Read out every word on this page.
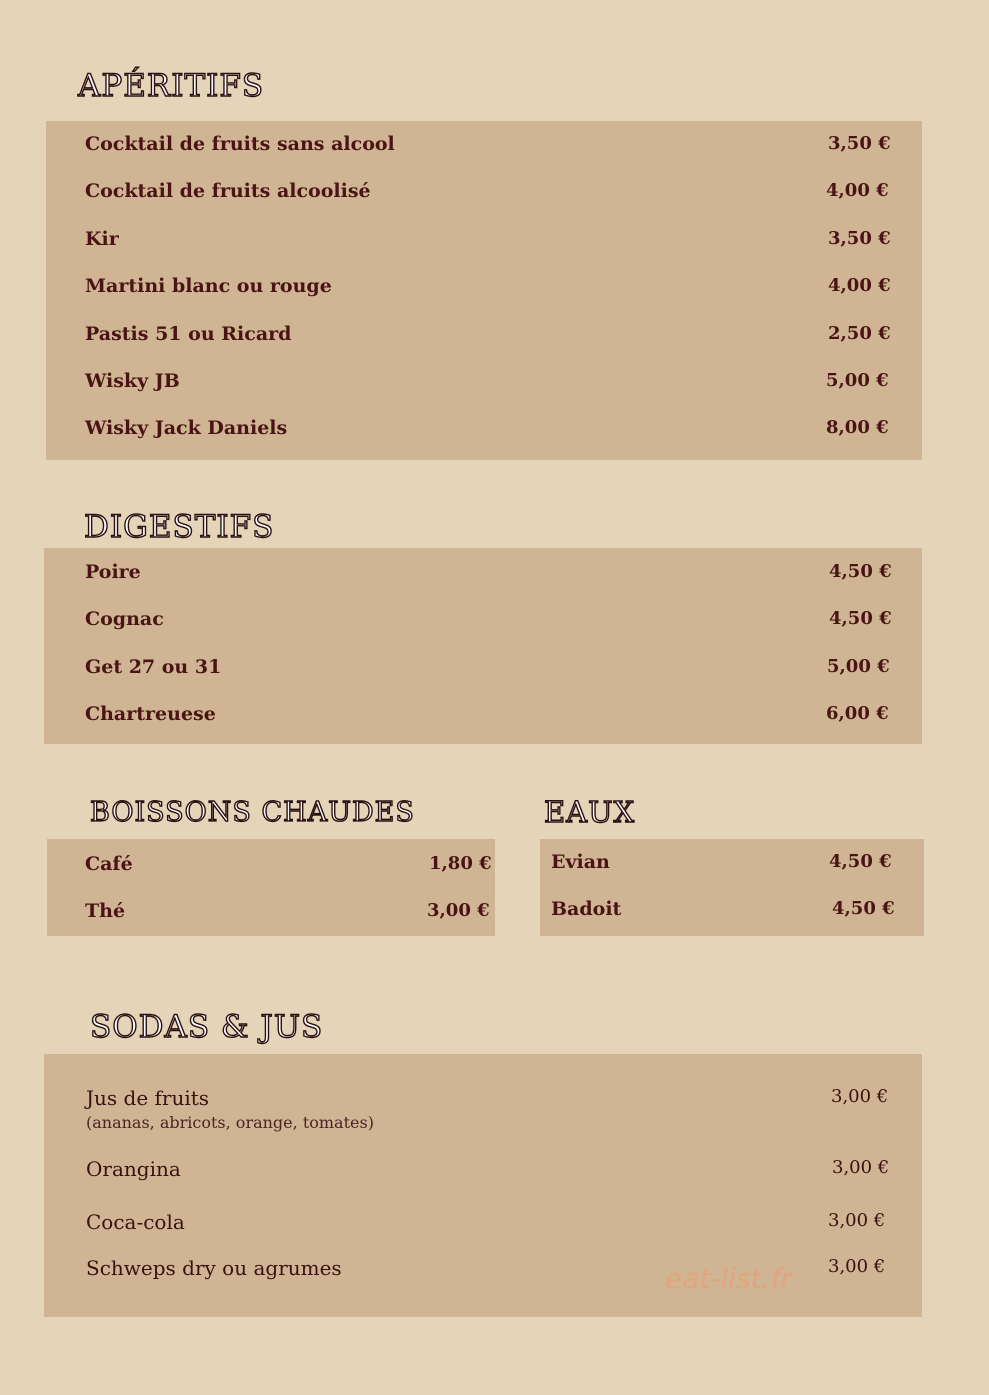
APÉRITIFS
Cocktail de fruits sans alcool	3,50 €
Cocktail de fruits alcoolisé	4,00 €
Kir	3,50 €
Martini blanc ou rouge	4,00 €
Pastis 51 ou Ricard	2,50 €
Wisky JB	5,00 €
Wisky Jack Daniels	8,00 €
DIGESTIFS
Poire	4,50 €
Cognac	4,50 €
Get 27 ou 31	5,00 €
Chartreuese	6,00 €
BOISSONS CHAUDES
Café	1,80 €
Thé	3,00 €
EAUX
Evian	4,50 €
Badoit	4,50 €
SODAS & JUS
Jus de fruits	3,00 €
(ananas, abricots, orange, tomates)
Orangina	3,00 €
Coca-cola	3,00 €
Schweps dry ou agrumes	3,00 €
eat-list.fr
